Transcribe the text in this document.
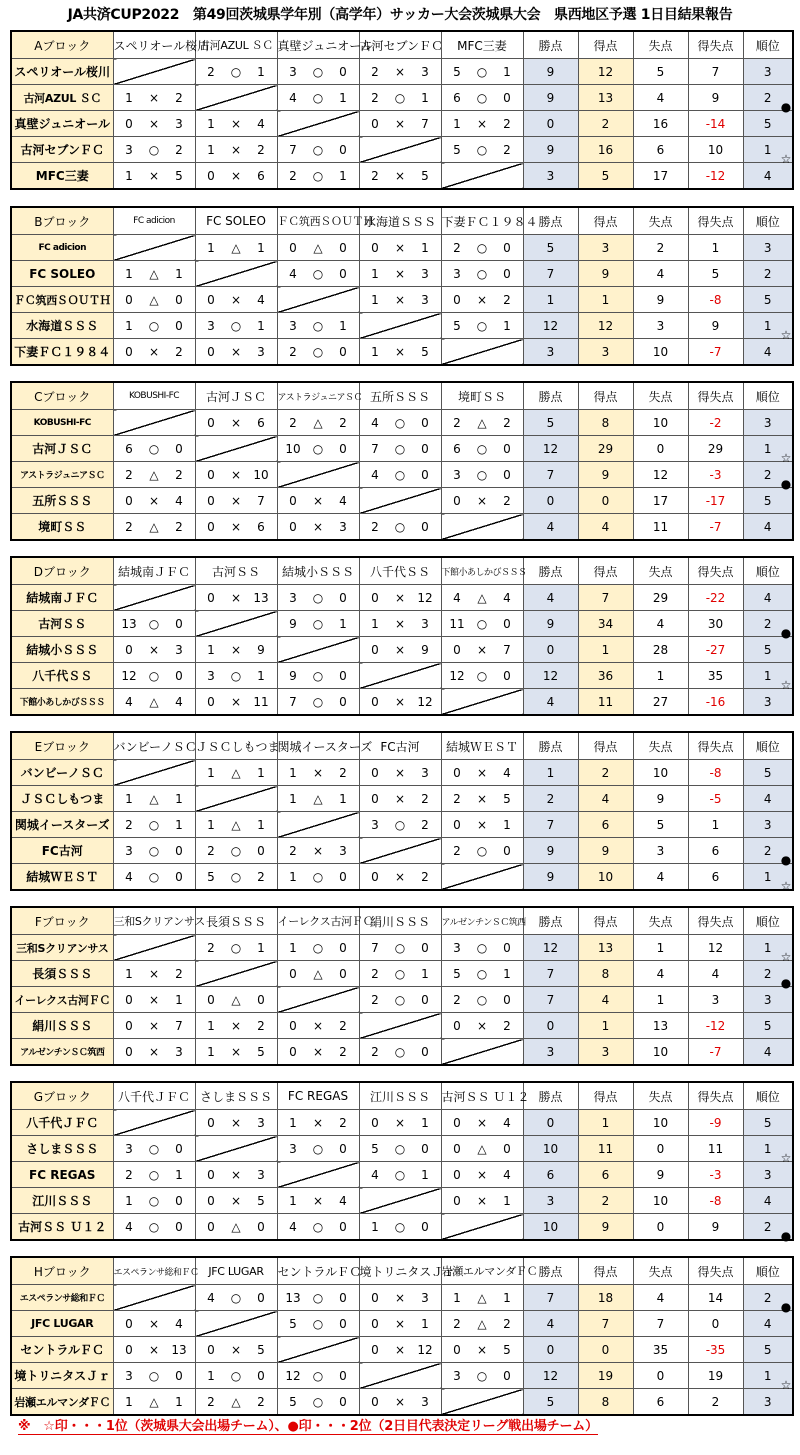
JA共済CUP2022　第49回茨城県学年別（高学年）サッカー大会茨城県大会　県西地区予選 1日目結果報告
Aブロック	スペリオール桜川	古河AZUL ＳＣ	真壁ジュニオール	古河セブンＦＣ	MFC三妻	勝点	得点	失点	得失点	順位
スペリオール桜川		2 ○ 1	3 ○ 0	2 × 3	5 ○ 1	9	12	5	7	3
古河AZUL ＳＣ	1 × 2		4 ○ 1	2 ○ 1	6 ○ 0	9	13	4	9	2
真壁ジュニオール	0 × 3	1 × 4		0 × 7	1 × 2	0	2	16	-14	5
古河セブンＦＣ	3 ○ 2	1 × 2	7 ○ 0		5 ○ 2	9	16	6	10	1
MFC三妻	1 × 5	0 × 6	2 ○ 1	2 × 5		3	5	17	-12	4
Bブロック	FC adicion	FC SOLEO	ＦＣ筑西ＳＯＵＴＨ	水海道ＳＳＳ	下妻ＦＣ１９８４	勝点	得点	失点	得失点	順位
FC adicion		1 △ 1	0 △ 0	0 × 1	2 ○ 0	5	3	2	1	3
FC SOLEO	1 △ 1		4 ○ 0	1 × 3	3 ○ 0	7	9	4	5	2
ＦＣ筑西ＳＯＵＴＨ	0 △ 0	0 × 4		1 × 3	0 × 2	1	1	9	-8	5
水海道ＳＳＳ	1 ○ 0	3 ○ 1	3 ○ 1		5 ○ 1	12	12	3	9	1
下妻ＦＣ１９８４	0 × 2	0 × 3	2 ○ 0	1 × 5		3	3	10	-7	4
Cブロック	KOBUSHI-FC	古河ＪＳＣ	アストラジュニアＳＣ	五所ＳＳＳ	境町ＳＳ	勝点	得点	失点	得失点	順位
KOBUSHI-FC		0 × 6	2 △ 2	4 ○ 0	2 △ 2	5	8	10	-2	3
古河ＪＳＣ	6 ○ 0		10 ○ 0	7 ○ 0	6 ○ 0	12	29	0	29	1
アストラジュニアＳＣ	2 △ 2	0 × 10		4 ○ 0	3 ○ 0	7	9	12	-3	2
五所ＳＳＳ	0 × 4	0 × 7	0 × 4		0 × 2	0	0	17	-17	5
境町ＳＳ	2 △ 2	0 × 6	0 × 3	2 ○ 0		4	4	11	-7	4
Dブロック	結城南ＪＦＣ	古河ＳＳ	結城小ＳＳＳ	八千代ＳＳ	下館小あしかびＳＳＳ	勝点	得点	失点	得失点	順位
結城南ＪＦＣ		0 × 13	3 ○ 0	0 × 12	4 △ 4	4	7	29	-22	4
古河ＳＳ	13 ○ 0		9 ○ 1	1 × 3	11 ○ 0	9	34	4	30	2
結城小ＳＳＳ	0 × 3	1 × 9		0 × 9	0 × 7	0	1	28	-27	5
八千代ＳＳ	12 ○ 0	3 ○ 1	9 ○ 0		12 ○ 0	12	36	1	35	1
下館小あしかびＳＳＳ	4 △ 4	0 × 11	7 ○ 0	0 × 12		4	11	27	-16	3
Eブロック	バンビーノＳＣ	ＪＳＣしもつま	関城イースターズ	FC古河	結城ＷＥＳＴ	勝点	得点	失点	得失点	順位
バンビーノＳＣ		1 △ 1	1 × 2	0 × 3	0 × 4	1	2	10	-8	5
ＪＳＣしもつま	1 △ 1		1 △ 1	0 × 2	2 × 5	2	4	9	-5	4
関城イースターズ	2 ○ 1	1 △ 1		3 ○ 2	0 × 1	7	6	5	1	3
FC古河	3 ○ 0	2 ○ 0	2 × 3		2 ○ 0	9	9	3	6	2
結城ＷＥＳＴ	4 ○ 0	5 ○ 2	1 ○ 0	0 × 2		9	10	4	6	1
Fブロック	三和Sクリアンサス	長須ＳＳＳ	イーレクス古河ＦＣ	絹川ＳＳＳ	アルゼンチンＳＣ筑西	勝点	得点	失点	得失点	順位
三和Sクリアンサス		2 ○ 1	1 ○ 0	7 ○ 0	3 ○ 0	12	13	1	12	1
長須ＳＳＳ	1 × 2		0 △ 0	2 ○ 1	5 ○ 1	7	8	4	4	2
イーレクス古河ＦＣ	0 × 1	0 △ 0		2 ○ 0	2 ○ 0	7	4	1	3	3
絹川ＳＳＳ	0 × 7	1 × 2	0 × 2		0 × 2	0	1	13	-12	5
アルゼンチンＳＣ筑西	0 × 3	1 × 5	0 × 2	2 ○ 0		3	3	10	-7	4
Gブロック	八千代ＪＦＣ	さしまＳＳＳ	FC REGAS	江川ＳＳＳ	古河ＳＳ Ｕ１２	勝点	得点	失点	得失点	順位
八千代ＪＦＣ		0 × 3	1 × 2	0 × 1	0 × 4	0	1	10	-9	5
さしまＳＳＳ	3 ○ 0		3 ○ 0	5 ○ 0	0 △ 0	10	11	0	11	1
FC REGAS	2 ○ 1	0 × 3		4 ○ 1	0 × 4	6	6	9	-3	3
江川ＳＳＳ	1 ○ 0	0 × 5	1 × 4		0 × 1	3	2	10	-8	4
古河ＳＳ Ｕ１２	4 ○ 0	0 △ 0	4 ○ 0	1 ○ 0		10	9	0	9	2
Hブロック	エスペランサ総和ＦＣ	JFC LUGAR	セントラルＦＣ	境トリニタスＪｒ	岩瀬エルマンダＦＣ	勝点	得点	失点	得失点	順位
エスペランサ総和ＦＣ		4 ○ 0	13 ○ 0	0 × 3	1 △ 1	7	18	4	14	2
JFC LUGAR	0 × 4		5 ○ 0	0 × 1	2 △ 2	4	7	7	0	4
セントラルＦＣ	0 × 13	0 × 5		0 × 12	0 × 5	0	0	35	-35	5
境トリニタスＪｒ	3 ○ 0	1 ○ 0	12 ○ 0		3 ○ 0	12	19	0	19	1
岩瀬エルマンダＦＣ	1 △ 1	2 △ 2	5 ○ 0	0 × 3		5	8	6	2	3
※　☆印・・・1位（茨城県大会出場チーム）、●印・・・2位（2日目代表決定リーグ戦出場チーム）
●
☆
☆
☆
●
●
☆
●
☆
☆
●
☆
●
●
☆
